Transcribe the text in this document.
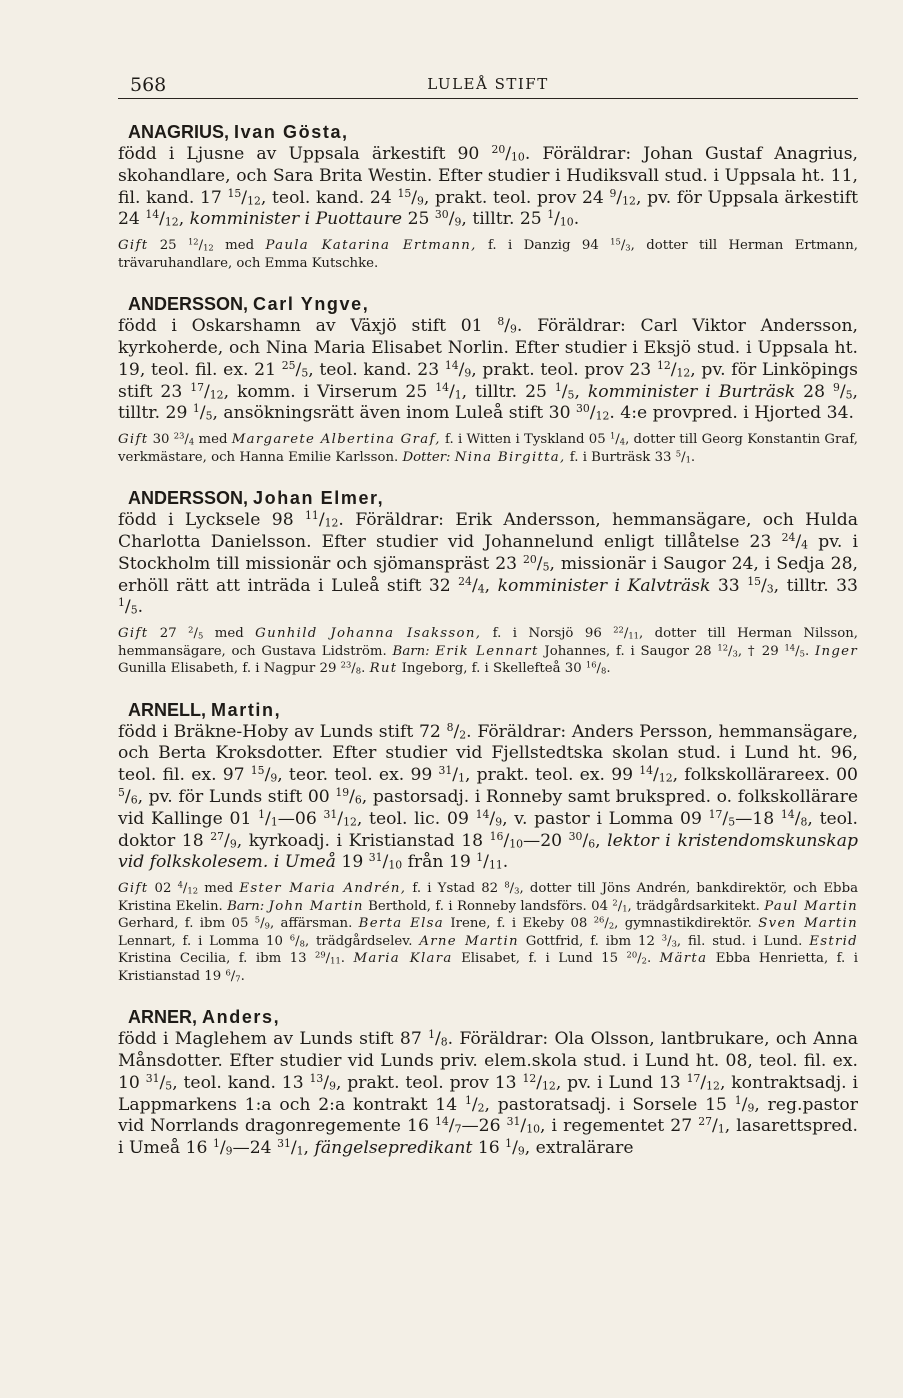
568	LULEÅ STIFT
ANAGRIUS, Ivan Gösta,

född i Ljusne av Uppsala ärkestift 90 $^{20}/_{10}$. Föräldrar: Johan Gustaf Anagrius, skohandlare, och Sara Brita Westin. Efter studier i Hudiksvall stud. i Uppsala ht. 11, fil. kand. 17 $^{15}/_{12}$, teol. kand. 24 $^{15}/_9$, prakt. teol. prov 24 $^9/_{12}$, pv. för Uppsala ärkestift 24 $^{14}/_{12}$, komminister i Puottaure 25 $^{30}/_9$, tilltr. 25 $^1/_{10}$.

Gift 25 $^{12}/_{12}$ med Paula Katarina Ertmann, f. i Danzig 94 $^{15}/_3$, dotter till Herman Ertmann, trävaruhandlare, och Emma Kutschke.

ANDERSSON, Carl Yngve,

född i Oskarshamn av Växjö stift 01 $^8/_9$. Föräldrar: Carl Viktor Andersson, kyrkoherde, och Nina Maria Elisabet Norlin. Efter studier i Eksjö stud. i Uppsala ht. 19, teol. fil. ex. 21 $^{25}/_5$, teol. kand. 23 $^{14}/_9$, prakt. teol. prov 23 $^{12}/_{12}$, pv. för Linköpings stift 23 $^{17}/_{12}$, komm. i Virserum 25 $^{14}/_1$, tilltr. 25 $^1/_5$, komminister i Burträsk 28 $^9/_5$, tilltr. 29 $^1/_5$, ansökningsrätt även inom Luleå stift 30 $^{30}/_{12}$. 4:e provpred. i Hjorted 34.

Gift 30 $^{23}/_4$ med Margarete Albertina Graf, f. i Witten i Tyskland 05 $^1/_4$, dotter till Georg Konstantin Graf, verkmästare, och Hanna Emilie Karlsson. Dotter: Nina Birgitta, f. i Burträsk 33 $^5/_1$.

ANDERSSON, Johan Elmer,

född i Lycksele 98 $^{11}/_{12}$. Föräldrar: Erik Andersson, hemmansägare, och Hulda Charlotta Danielsson. Efter studier vid Johannelund enligt tillåtelse 23 $^{24}/_4$ pv. i Stockholm till missionär och sjömanspräst 23 $^{20}/_5$, missionär i Saugor 24, i Sedja 28, erhöll rätt att inträda i Luleå stift 32 $^{24}/_4$, komminister i Kalvträsk 33 $^{15}/_3$, tilltr. 33 $^1/_5$.

Gift 27 $^2/_5$ med Gunhild Johanna Isaksson, f. i Norsjö 96 $^{22}/_{11}$, dotter till Herman Nilsson, hemmansägare, och Gustava Lidström. Barn: Erik Lennart Johannes, f. i Saugor 28 $^{12}/_3$, † 29 $^{14}/_5$. Inger Gunilla Elisabeth, f. i Nagpur 29 $^{23}/_8$. Rut Ingeborg, f. i Skellefteå 30 $^{16}/_8$.

ARNELL, Martin,

född i Bräkne-Hoby av Lunds stift 72 $^8/_2$. Föräldrar: Anders Persson, hemmansägare, och Berta Kroksdotter. Efter studier vid Fjellstedtska skolan stud. i Lund ht. 96, teol. fil. ex. 97 $^{15}/_9$, teor. teol. ex. 99 $^{31}/_1$, prakt. teol. ex. 99 $^{14}/_{12}$, folkskollärareex. 00 $^5/_6$, pv. för Lunds stift 00 $^{19}/_6$, pastorsadj. i Ronneby samt brukspred. o. folkskollärare vid Kallinge 01 $^1/_1—06$ $^{31}/_{12}$, teol. lic. 09 $^{14}/_9$, v. pastor i Lomma 09 $^{17}/_5—18$ $^{14}/_8$, teol. doktor 18 $^{27}/_9$, kyrkoadj. i Kristianstad 18 $^{16}/_{10}—20$ $^{30}/_6$, lektor i kristendomskunskap vid folkskolesem. i Umeå 19 $^{31}/_{10}$ från 19 $^1/_{11}$.

Gift 02 $^4/_{12}$ med Ester Maria Andrén, f. i Ystad 82 $^8/_3$, dotter till Jöns Andrén, bankdirektör, och Ebba Kristina Ekelin. Barn: John Martin Berthold, f. i Ronneby landsförs. 04 $^2/_1$, trädgårdsarkitekt. Paul Martin Gerhard, f. ibm 05 $^5/_9$, affärsman. Berta Elsa Irene, f. i Ekeby 08 $^{26}/_2$, gymnastikdirektör. Sven Martin Lennart, f. i Lomma 10 $^6/_8$, trädgårdselev. Arne Martin Gottfrid, f. ibm 12 $^3/_3$, fil. stud. i Lund. Estrid Kristina Cecilia, f. ibm 13 $^{29}/_{11}$. Maria Klara Elisabet, f. i Lund 15 $^{20}/_2$. Märta Ebba Henrietta, f. i Kristianstad 19 $^6/_7$.

ARNER, Anders,

född i Maglehem av Lunds stift 87 $^1/_8$. Föräldrar: Ola Olsson, lantbrukare, och Anna Månsdotter. Efter studier vid Lunds priv. elem.skola stud. i Lund ht. 08, teol. fil. ex. 10 $^{31}/_5$, teol. kand. 13 $^{13}/_9$, prakt. teol. prov 13 $^{12}/_{12}$, pv. i Lund 13 $^{17}/_{12}$, kontraktsadj. i Lappmarkens 1:a och 2:a kontrakt 14 $^1/_2$, pastoratsadj. i Sorsele 15 $^1/_9$, reg.pastor vid Norrlands dragonregemente 16 $^{14}/_7—26$ $^{31}/_{10}$, i regementet 27 $^{27}/_1$, lasarettspred. i Umeå 16 $^1/_9—24$ $^{31}/_1$, fängelsepredikant 16 $^1/_9$, extralärare
